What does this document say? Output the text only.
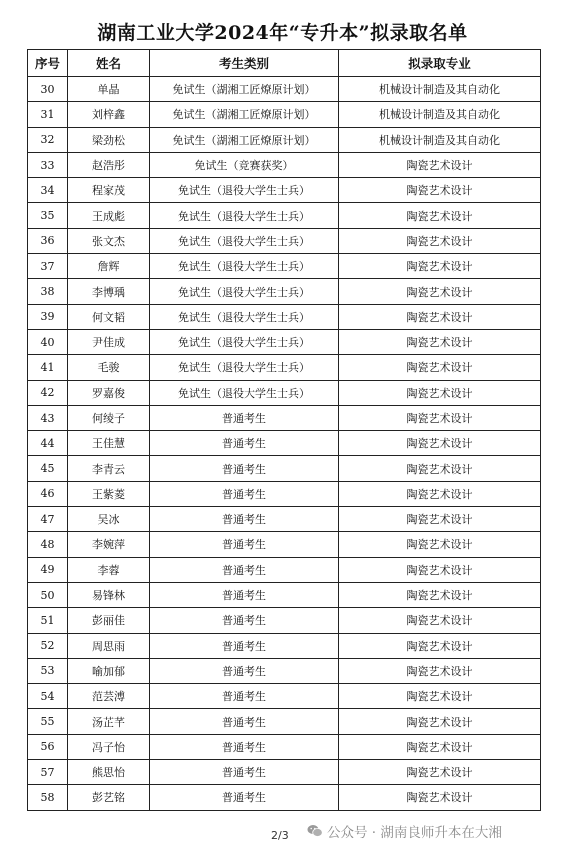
湖南工业大学2024年“专升本”拟录取名单
序号	姓名	考生类别	拟录取专业
30	单晶	免试生（湖湘工匠燎原计划）	机械设计制造及其自动化
31	刘梓鑫	免试生（湖湘工匠燎原计划）	机械设计制造及其自动化
32	梁劲松	免试生（湖湘工匠燎原计划）	机械设计制造及其自动化
33	赵浩彤	免试生（竞赛获奖）	陶瓷艺术设计
34	程家茂	免试生（退役大学生士兵）	陶瓷艺术设计
35	王成彪	免试生（退役大学生士兵）	陶瓷艺术设计
36	张文杰	免试生（退役大学生士兵）	陶瓷艺术设计
37	詹辉	免试生（退役大学生士兵）	陶瓷艺术设计
38	李博瑀	免试生（退役大学生士兵）	陶瓷艺术设计
39	何文韬	免试生（退役大学生士兵）	陶瓷艺术设计
40	尹佳成	免试生（退役大学生士兵）	陶瓷艺术设计
41	毛骏	免试生（退役大学生士兵）	陶瓷艺术设计
42	罗嘉俊	免试生（退役大学生士兵）	陶瓷艺术设计
43	何绫子	普通考生	陶瓷艺术设计
44	王佳慧	普通考生	陶瓷艺术设计
45	李青云	普通考生	陶瓷艺术设计
46	王紫菱	普通考生	陶瓷艺术设计
47	吴冰	普通考生	陶瓷艺术设计
48	李婉萍	普通考生	陶瓷艺术设计
49	李蓉	普通考生	陶瓷艺术设计
50	易锋林	普通考生	陶瓷艺术设计
51	彭丽佳	普通考生	陶瓷艺术设计
52	周思雨	普通考生	陶瓷艺术设计
53	喻加郁	普通考生	陶瓷艺术设计
54	范芸溥	普通考生	陶瓷艺术设计
55	汤芷芊	普通考生	陶瓷艺术设计
56	冯子怡	普通考生	陶瓷艺术设计
57	熊思怡	普通考生	陶瓷艺术设计
58	彭艺铭	普通考生	陶瓷艺术设计
2/3	公众号 · 湖南良师升本在大湘
